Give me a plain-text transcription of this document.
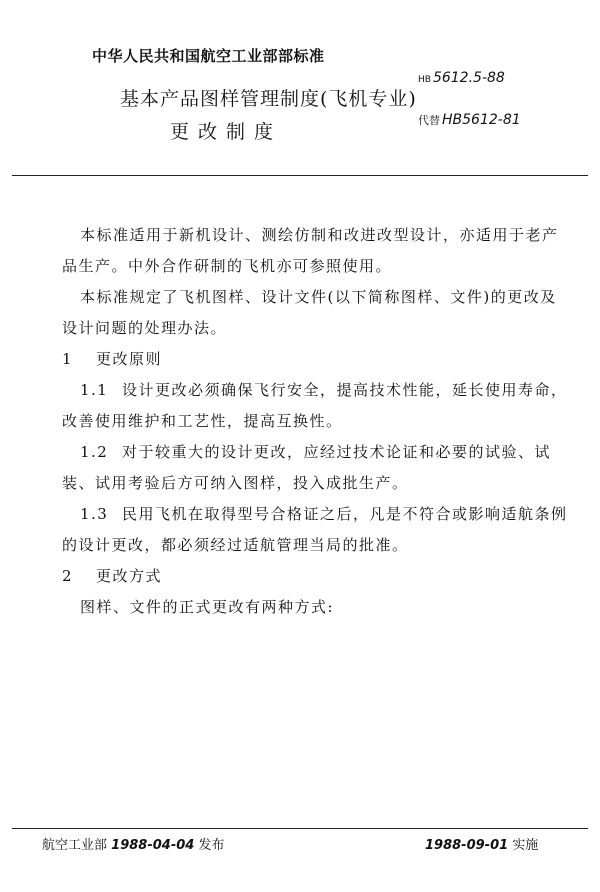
中华人民共和国航空工业部部标准
基本产品图样管理制度(飞机专业)
更改制度
HB 5612.5-88
代替 HB5612-81

本标准适用于新机设计、测绘仿制和改进改型设计，亦适用于老产品生产。中外合作研制的飞机亦可参照使用。

本标准规定了飞机图样、设计文件(以下简称图样、文件)的更改及设计问题的处理办法。

1 更改原则

1.1 设计更改必须确保飞行安全，提高技术性能，延长使用寿命，改善使用维护和工艺性，提高互换性。

1.2 对于较重大的设计更改，应经过技术论证和必要的试验、试装、试用考验后方可纳入图样，投入成批生产。

1.3 民用飞机在取得型号合格证之后，凡是不符合或影响适航条例的设计更改，都必须经过适航管理当局的批准。

2 更改方式

图样、文件的正式更改有两种方式:

航空工业部 1988-04-04 发布	1988-09-01 实施
